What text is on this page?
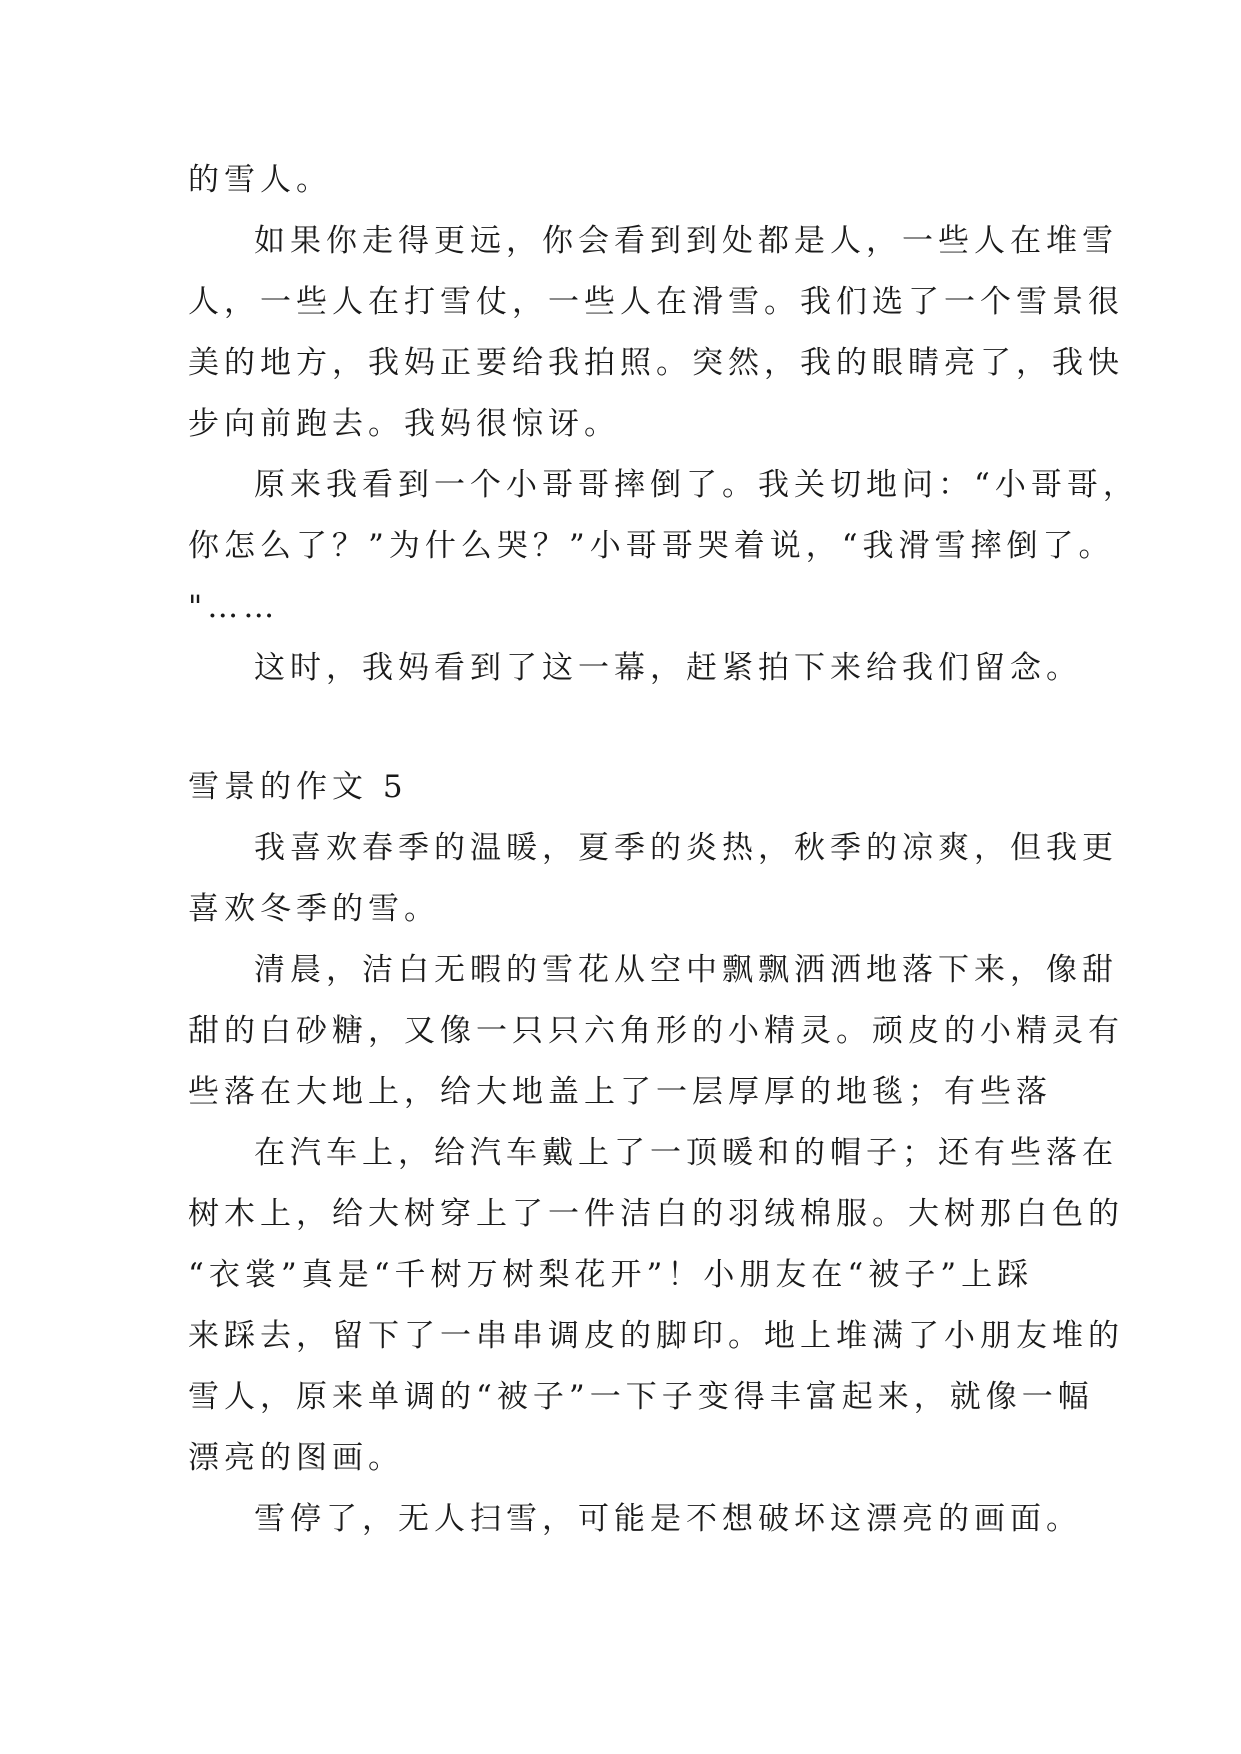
的雪人。
如果你走得更远，你会看到到处都是人，一些人在堆雪
人，一些人在打雪仗，一些人在滑雪。我们选了一个雪景很
美的地方，我妈正要给我拍照。突然，我的眼睛亮了，我快
步向前跑去。我妈很惊讶。
原来我看到一个小哥哥摔倒了。我关切地问：“小哥哥，
你怎么了？”为什么哭？”小哥哥哭着说，“我滑雪摔倒了。
"……
这时，我妈看到了这一幕，赶紧拍下来给我们留念。
雪景的作文 5
我喜欢春季的温暖，夏季的炎热，秋季的凉爽，但我更
喜欢冬季的雪。
清晨，洁白无暇的雪花从空中飘飘洒洒地落下来，像甜
甜的白砂糖，又像一只只六角形的小精灵。顽皮的小精灵有
些落在大地上，给大地盖上了一层厚厚的地毯；有些落
在汽车上，给汽车戴上了一顶暖和的帽子；还有些落在
树木上，给大树穿上了一件洁白的羽绒棉服。大树那白色的
“衣裳”真是“千树万树梨花开”！小朋友在“被子”上踩
来踩去，留下了一串串调皮的脚印。地上堆满了小朋友堆的
雪人，原来单调的“被子”一下子变得丰富起来，就像一幅
漂亮的图画。
雪停了，无人扫雪，可能是不想破坏这漂亮的画面。
